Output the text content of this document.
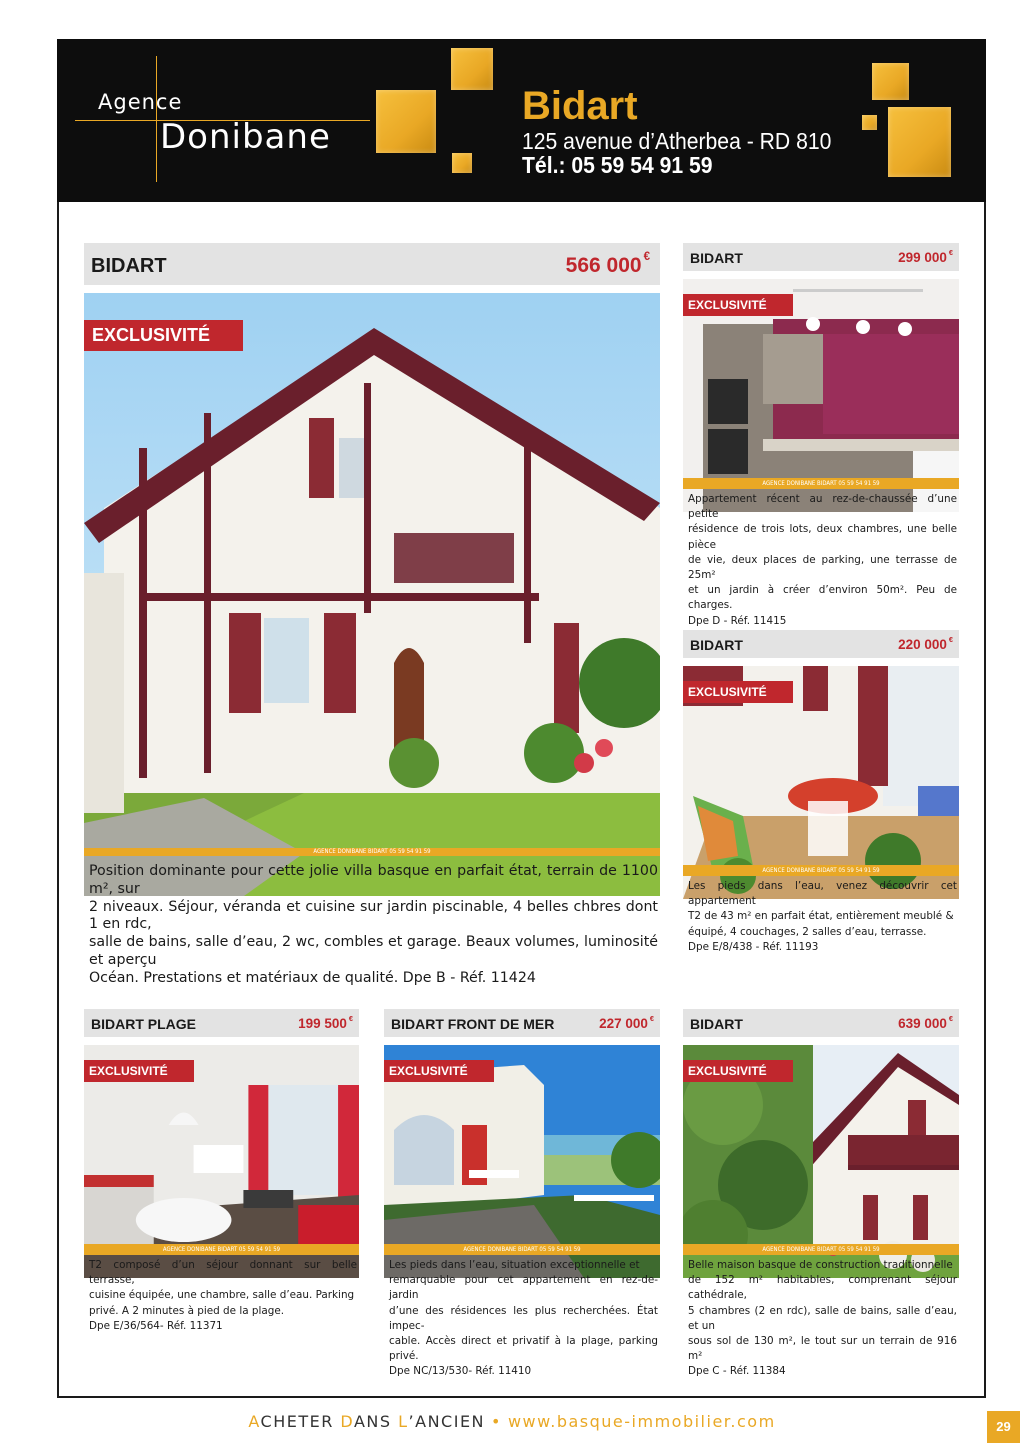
Agence
Donibane
Bidart
125 avenue d’Atherbea - RD 810
Tél.: 05 59 54 91 59
BIDART	566 000 €
EXCLUSIVITÉ
AGENCE DONIBANE BIDART 05 59 54 91 59
Position dominante pour cette jolie villa basque en parfait état, terrain de 1100 m², sur
2 niveaux. Séjour, véranda et cuisine sur jardin piscinable, 4 belles chbres dont 1 en rdc,
salle de bains, salle d’eau, 2 wc, combles et garage. Beaux volumes, luminosité et aperçu
Océan. Prestations et matériaux de qualité. Dpe B - Réf. 11424
BIDART	299 000 €
EXCLUSIVITÉ
AGENCE DONIBANE BIDART 05 59 54 91 59
Appartement récent au rez-de-chaussée d’une petite
résidence de trois lots, deux chambres, une belle pièce
de vie, deux places de parking, une terrasse de 25m²
et un jardin à créer d’environ 50m². Peu de charges.
Dpe D - Réf. 11415
BIDART	220 000 €
EXCLUSIVITÉ
AGENCE DONIBANE BIDART 05 59 54 91 59
Les pieds dans l’eau, venez découvrir cet appartement
T2 de 43 m² en parfait état, entièrement meublé &
équipé, 4 couchages, 2 salles d’eau, terrasse.
Dpe E/8/438 - Réf. 11193
BIDART PLAGE	199 500 €
EXCLUSIVITÉ
AGENCE DONIBANE BIDART 05 59 54 91 59
T2 composé d’un séjour donnant sur belle terrasse,
cuisine équipée, une chambre, salle d’eau. Parking
privé. A 2 minutes à pied de la plage.
Dpe E/36/564- Réf. 11371
BIDART FRONT DE MER	227 000 €
EXCLUSIVITÉ
AGENCE DONIBANE BIDART 05 59 54 91 59
Les pieds dans l’eau, situation exceptionnelle et
remarquable pour cet appartement en rez-de-jardin
d’une des résidences les plus recherchées. État impec-
cable. Accès direct et privatif à la plage, parking privé.
Dpe NC/13/530- Réf. 11410
BIDART	639 000 €
EXCLUSIVITÉ
AGENCE DONIBANE BIDART 05 59 54 91 59
Belle maison basque de construction traditionnelle
de 152 m² habitables, comprenant séjour cathédrale,
5 chambres (2 en rdc), salle de bains, salle d’eau, et un
sous sol de 130 m², le tout sur un terrain de 916 m²
Dpe C - Réf. 11384
ACHETER DANS L’ANCIEN • www.basque-immobilier.com	29
